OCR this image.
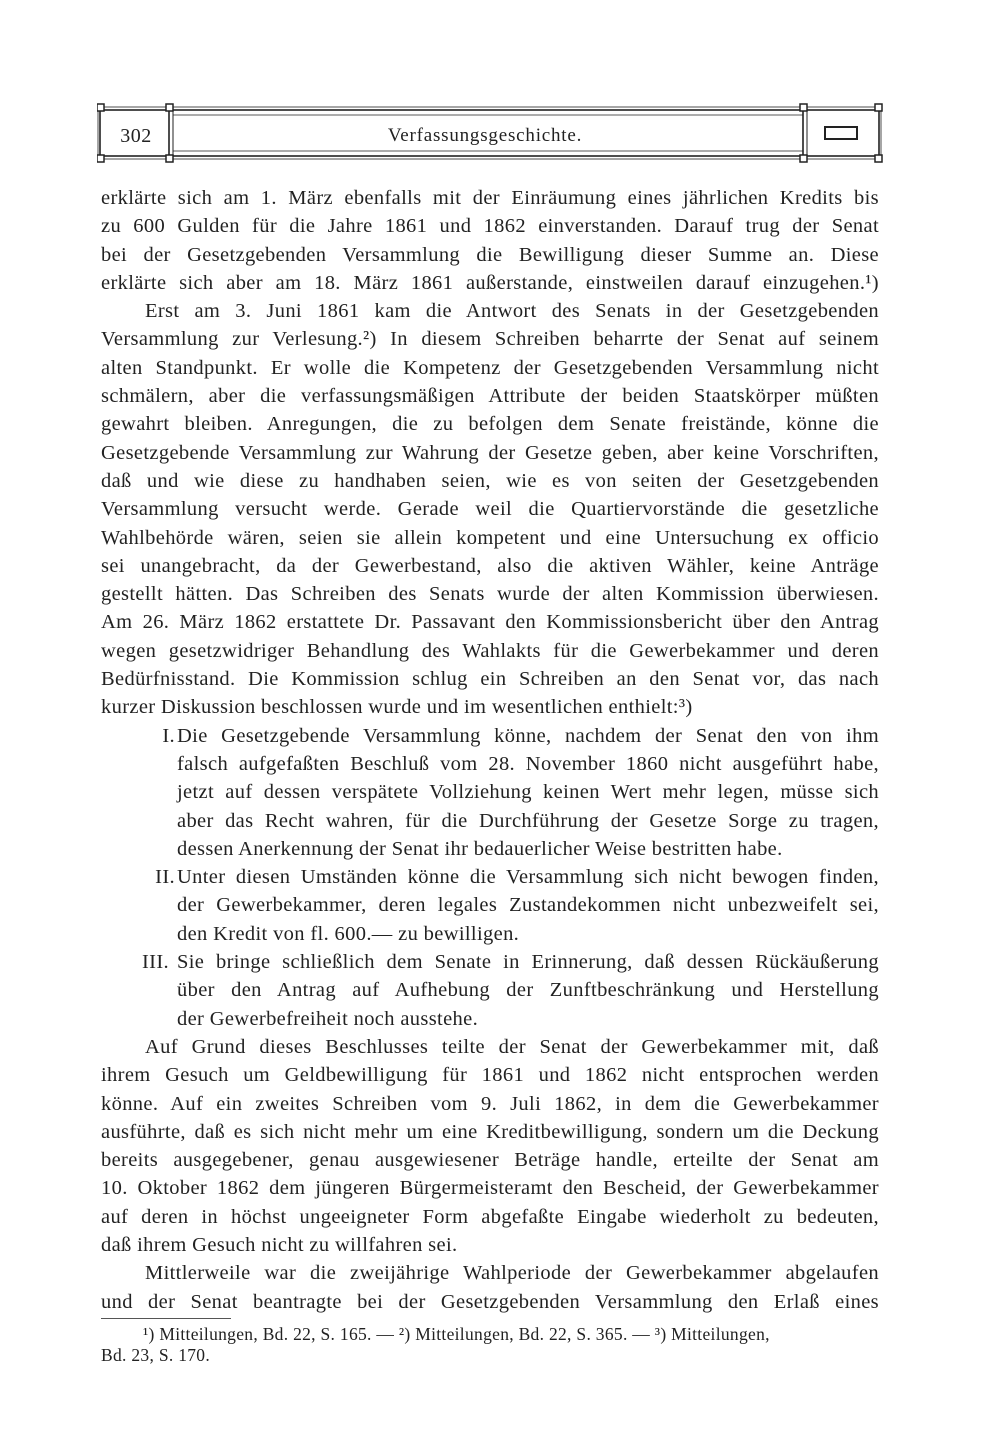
302	Verfassungsgeschichte.
erklärte sich am 1. März ebenfalls mit der Einräumung eines jährlichen Kredits bis
zu 600 Gulden für die Jahre 1861 und 1862 einverstanden. Darauf trug der Senat
bei der Gesetzgebenden Versammlung die Bewilligung dieser Summe an. Diese
erklärte sich aber am 18. März 1861 außerstande, einstweilen darauf einzugehen.¹)
Erst am 3. Juni 1861 kam die Antwort des Senats in der Gesetzgebenden
Versammlung zur Verlesung.²) In diesem Schreiben beharrte der Senat auf seinem
alten Standpunkt. Er wolle die Kompetenz der Gesetzgebenden Versammlung nicht
schmälern, aber die verfassungsmäßigen Attribute der beiden Staatskörper müßten
gewahrt bleiben. Anregungen, die zu befolgen dem Senate freistände, könne die
Gesetzgebende Versammlung zur Wahrung der Gesetze geben, aber keine Vorschriften,
daß und wie diese zu handhaben seien, wie es von seiten der Gesetzgebenden
Versammlung versucht werde. Gerade weil die Quartiervorstände die gesetzliche
Wahlbehörde wären, seien sie allein kompetent und eine Untersuchung ex officio
sei unangebracht, da der Gewerbestand, also die aktiven Wähler, keine Anträge
gestellt hätten. Das Schreiben des Senats wurde der alten Kommission überwiesen.
Am 26. März 1862 erstattete Dr. Passavant den Kommissionsbericht über den Antrag
wegen gesetzwidriger Behandlung des Wahlakts für die Gewerbekammer und deren
Bedürfnisstand. Die Kommission schlug ein Schreiben an den Senat vor, das nach
kurzer Diskussion beschlossen wurde und im wesentlichen enthielt:³)
I. Die Gesetzgebende Versammlung könne, nachdem der Senat den von ihm
falsch aufgefaßten Beschluß vom 28. November 1860 nicht ausgeführt habe,
jetzt auf dessen verspätete Vollziehung keinen Wert mehr legen, müsse sich
aber das Recht wahren, für die Durchführung der Gesetze Sorge zu tragen,
dessen Anerkennung der Senat ihr bedauerlicher Weise bestritten habe.
II. Unter diesen Umständen könne die Versammlung sich nicht bewogen finden,
der Gewerbekammer, deren legales Zustandekommen nicht unbezweifelt sei,
den Kredit von fl. 600.— zu bewilligen.
III. Sie bringe schließlich dem Senate in Erinnerung, daß dessen Rückäußerung
über den Antrag auf Aufhebung der Zunftbeschränkung und Herstellung
der Gewerbefreiheit noch ausstehe.
Auf Grund dieses Beschlusses teilte der Senat der Gewerbekammer mit, daß
ihrem Gesuch um Geldbewilligung für 1861 und 1862 nicht entsprochen werden
könne. Auf ein zweites Schreiben vom 9. Juli 1862, in dem die Gewerbekammer
ausführte, daß es sich nicht mehr um eine Kreditbewilligung, sondern um die Deckung
bereits ausgegebener, genau ausgewiesener Beträge handle, erteilte der Senat am
10. Oktober 1862 dem jüngeren Bürgermeisteramt den Bescheid, der Gewerbekammer
auf deren in höchst ungeeigneter Form abgefaßte Eingabe wiederholt zu bedeuten,
daß ihrem Gesuch nicht zu willfahren sei.
Mittlerweile war die zweijährige Wahlperiode der Gewerbekammer abgelaufen
und der Senat beantragte bei der Gesetzgebenden Versammlung den Erlaß eines
¹) Mitteilungen, Bd. 22, S. 165. — ²) Mitteilungen, Bd. 22, S. 365. — ³) Mitteilungen,
Bd. 23, S. 170.
